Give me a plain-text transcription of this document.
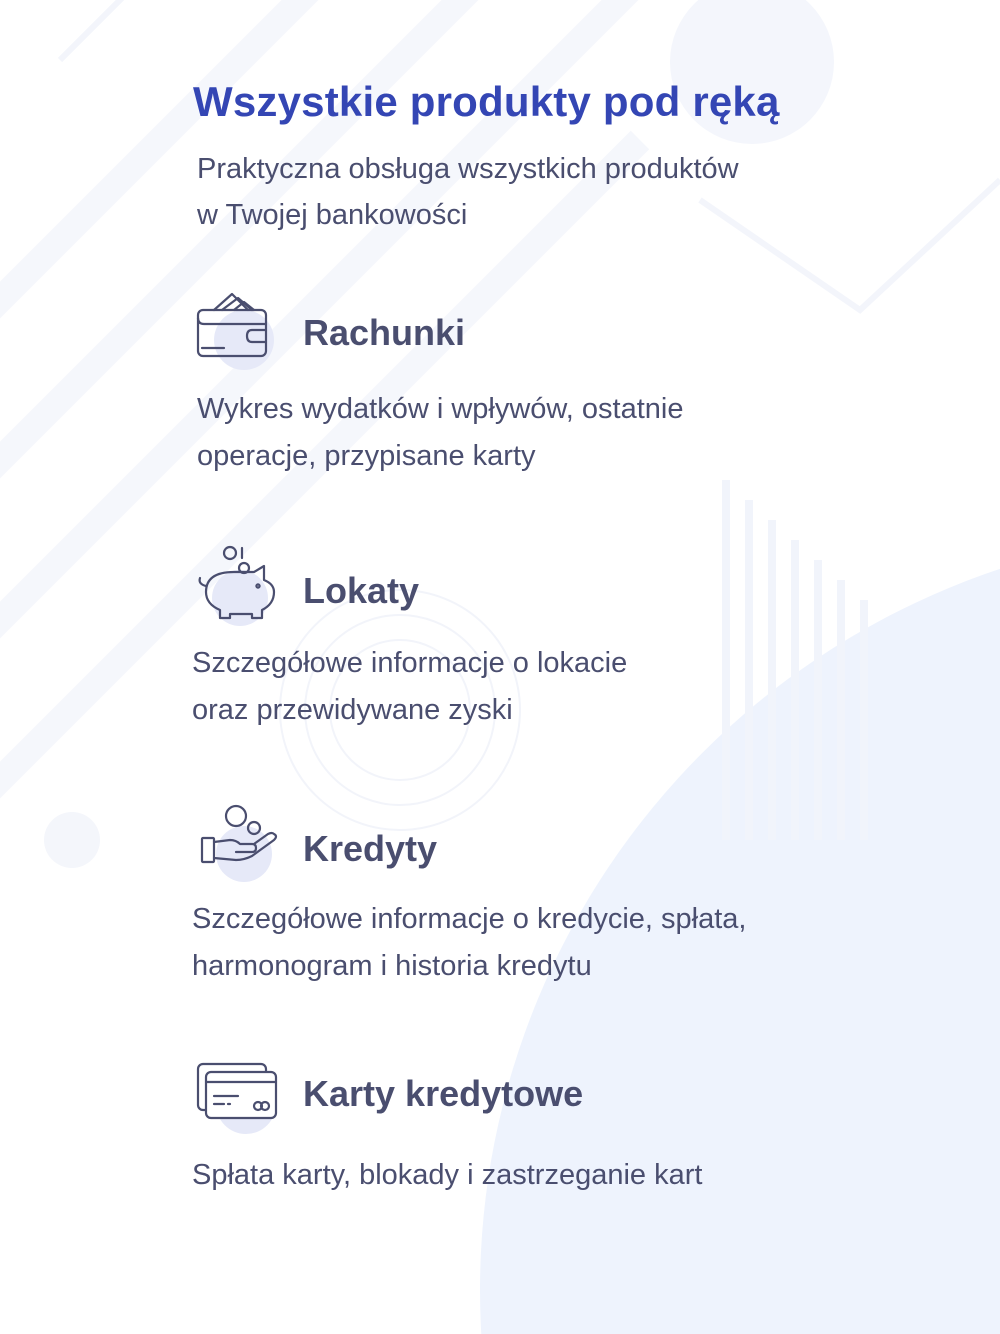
Wszystkie produkty pod ręką

Praktyczna obsługa wszystkich produktów
w Twojej bankowości

Rachunki

Wykres wydatków i wpływów, ostatnie
operacje, przypisane karty

Lokaty

Szczegółowe informacje o lokacie
oraz przewidywane zyski

Kredyty

Szczegółowe informacje o kredycie, spłata,
harmonogram i historia kredytu

Karty kredytowe

Spłata karty, blokady i zastrzeganie kart
